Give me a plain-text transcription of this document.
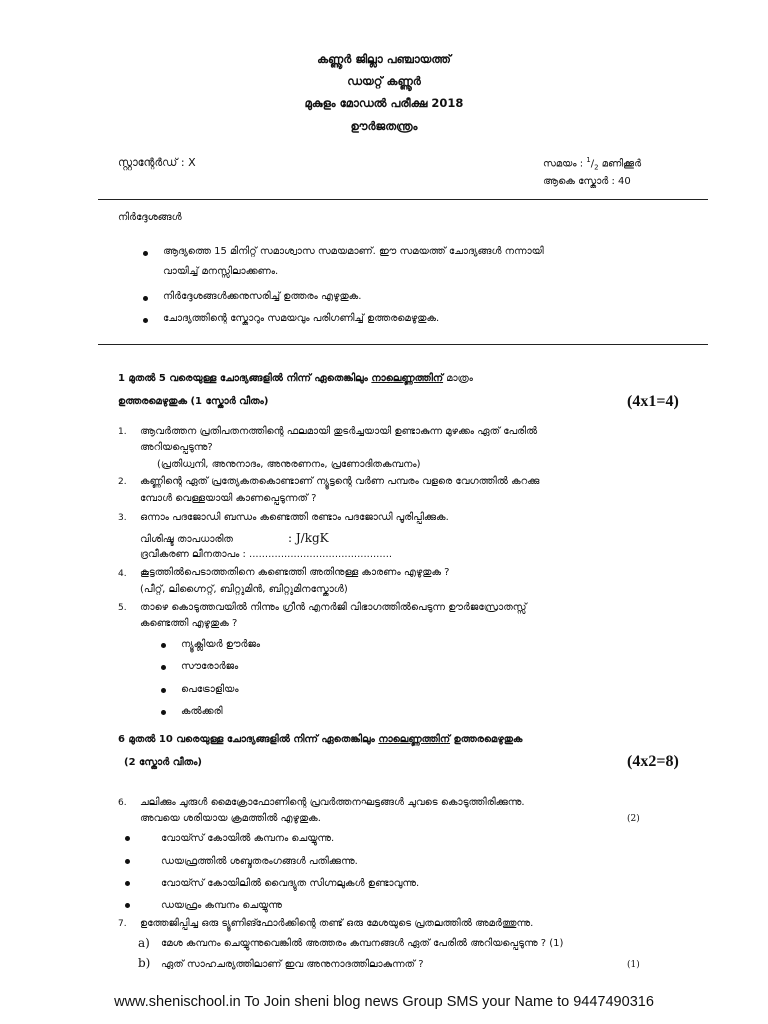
കണ്ണൂർ ജില്ലാ പഞ്ചായത്ത്
ഡയറ്റ് കണ്ണൂർ
മുകുളം മോഡൽ പരീക്ഷ 2018
ഊർജതന്ത്രം
സ്റ്റാന്റേർഡ് : X	സമയം : $^1/_2$ മണിക്കൂർ
ആകെ സ്കോർ : 40
നിർദ്ദേശങ്ങൾ
ആദ്യത്തെ 15 മിനിറ്റ് സമാശ്വാസ സമയമാണ്. ഈ സമയത്ത് ചോദ്യങ്ങൾ നന്നായി
വായിച്ച് മനസ്സിലാക്കണം.
നിർദ്ദേശങ്ങൾക്കനുസരിച്ച് ഉത്തരം എഴുതുക.
ചോദ്യത്തിന്റെ സ്കോറും സമയവും പരിഗണിച്ച് ഉത്തരമെഴുതുക.
1 മുതൽ 5 വരെയുള്ള ചോദ്യങ്ങളിൽ നിന്ന് ഏതെങ്കിലും നാലെണ്ണത്തിന് മാത്രം
ഉത്തരമെഴുതുക (1 സ്കോർ വീതം)	(4x1=4)
1. ആവർത്തന പ്രതിപതനത്തിന്റെ ഫലമായി തുടർച്ചയായി ഉണ്ടാകുന്ന മുഴക്കം ഏത് പേരിൽ
അറിയപ്പെടുന്നു?
(പ്രതിധ്വനി, അനുനാദം, അനുരണനം, പ്രണോദിതകമ്പനം)
2. കണ്ണിന്റെ ഏത് പ്രത്യേകതകൊണ്ടാണ് ന്യൂട്ടന്റെ വർണ പമ്പരം വളരെ വേഗത്തിൽ കറക്കു
മ്പോൾ വെള്ളയായി കാണപ്പെടുന്നത് ?
3. ഒന്നാം പദജോഡി ബന്ധം കണ്ടെത്തി രണ്ടാം പദജോഡി പൂരിപ്പിക്കുക.
വിശിഷ്ട താപധാരിത	: J/kgK
ദ്രവീകരണ ലീനതാപം : .............................................
4. കൂട്ടത്തിൽപെടാത്തതിനെ കണ്ടെത്തി അതിനുള്ള കാരണം എഴുതുക ?
(പീറ്റ്, ലിഗ്നൈറ്റ്, ബിറ്റുമിൻ, ബിറ്റുമിനസ്കോൾ)
5. താഴെ കൊടുത്തവയിൽ നിന്നും ഗ്രീൻ എനർജി വിഭാഗത്തിൽപെടുന്ന ഊർജസ്രോതസ്സ്
കണ്ടെത്തി എഴുതുക ?
ന്യൂക്ലിയർ ഊർജം
സൗരോർജം
പെട്രോളിയം
കൽക്കരി
6 മുതൽ 10 വരെയുള്ള ചോദ്യങ്ങളിൽ നിന്ന് ഏതെങ്കിലും നാലെണ്ണത്തിന് ഉത്തരമെഴുതുക
(2 സ്കോർ വീതം)	(4x2=8)
6. ചലിക്കും ചുരുൾ മൈക്രോഫോണിന്റെ പ്രവർത്തനഘട്ടങ്ങൾ ചുവടെ കൊടുത്തിരിക്കുന്നു.
അവയെ ശരിയായ ക്രമത്തിൽ എഴുതുക.	(2)
വോയ്സ് കോയിൽ കമ്പനം ചെയ്യുന്നു.
ഡയഫ്രത്തിൽ ശബ്ദതരംഗങ്ങൾ പതിക്കുന്നു.
വോയ്സ് കോയിലിൽ വൈദ്യുത സിഗ്നലുകൾ ഉണ്ടാവുന്നു.
ഡയഫ്രം കമ്പനം ചെയ്യുന്നു
7. ഉത്തേജിപ്പിച്ച ഒരു ട്യൂണിങ്ഫോർക്കിന്റെ തണ്ട് ഒരു മേശയുടെ പ്രതലത്തിൽ അമർത്തുന്നു.
a) മേശ കമ്പനം ചെയ്യുന്നുവെങ്കിൽ അത്തരം കമ്പനങ്ങൾ ഏത് പേരിൽ അറിയപ്പെടുന്നു ? (1)
b) ഏത് സാഹചര്യത്തിലാണ് ഇവ അനുനാദത്തിലാകുന്നത് ?	(1)
www.shenischool.in To Join sheni blog news Group SMS your Name to 9447490316
